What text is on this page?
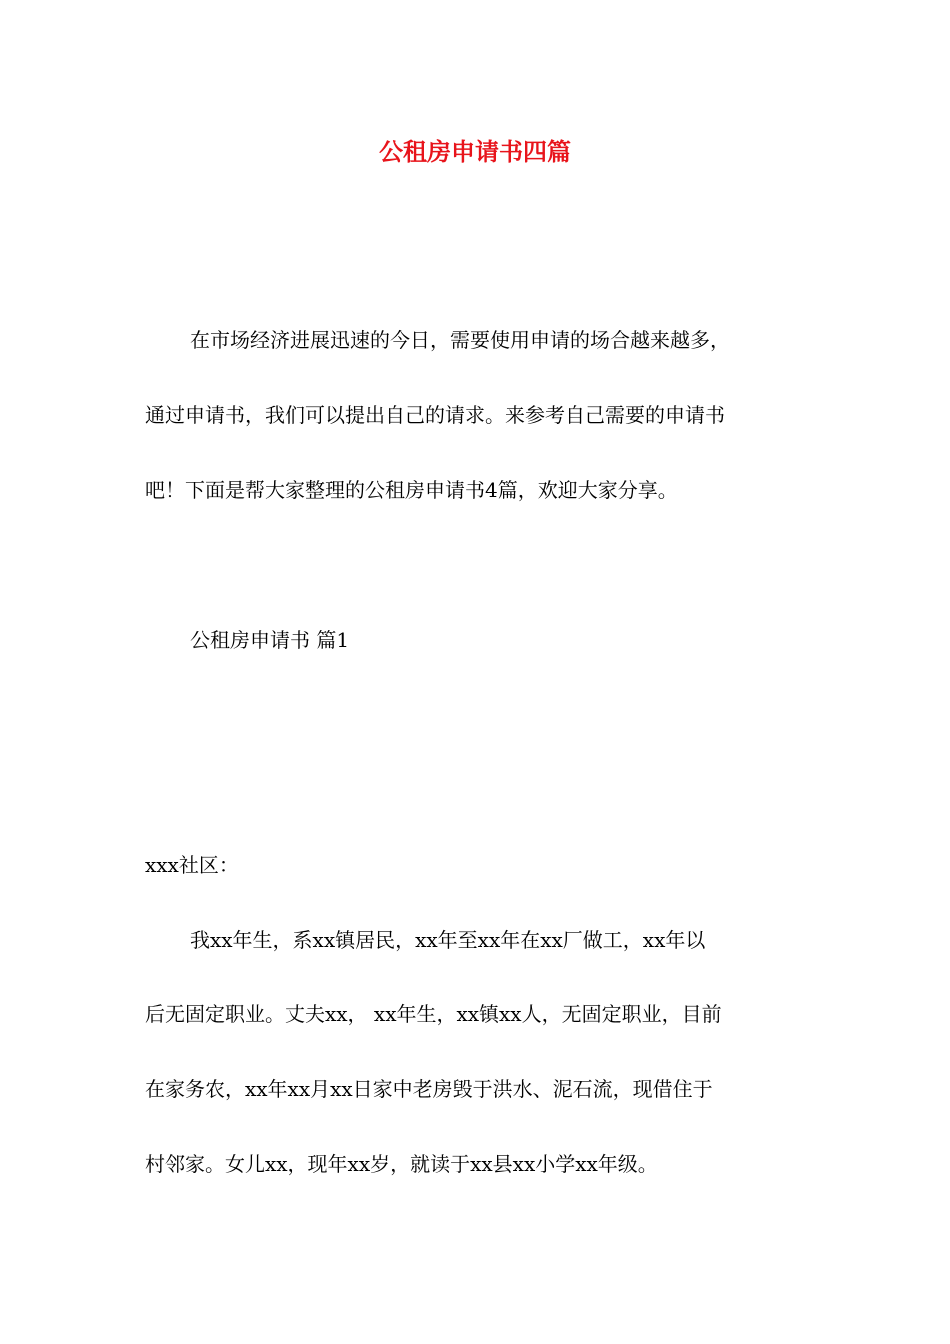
公租房申请书四篇
在市场经济进展迅速的今日，需要使用申请的场合越来越多，
通过申请书，我们可以提出自己的请求。来参考自己需要的申请书
吧！下面是帮大家整理的公租房申请书4篇，欢迎大家分享。
公租房申请书 篇1
xxx社区：
我xx年生，系xx镇居民，xx年至xx年在xx厂做工，xx年以
后无固定职业。丈夫xx， xx年生，xx镇xx人，无固定职业，目前
在家务农，xx年xx月xx日家中老房毁于洪水、泥石流，现借住于
村邻家。女儿xx，现年xx岁，就读于xx县xx小学xx年级。
